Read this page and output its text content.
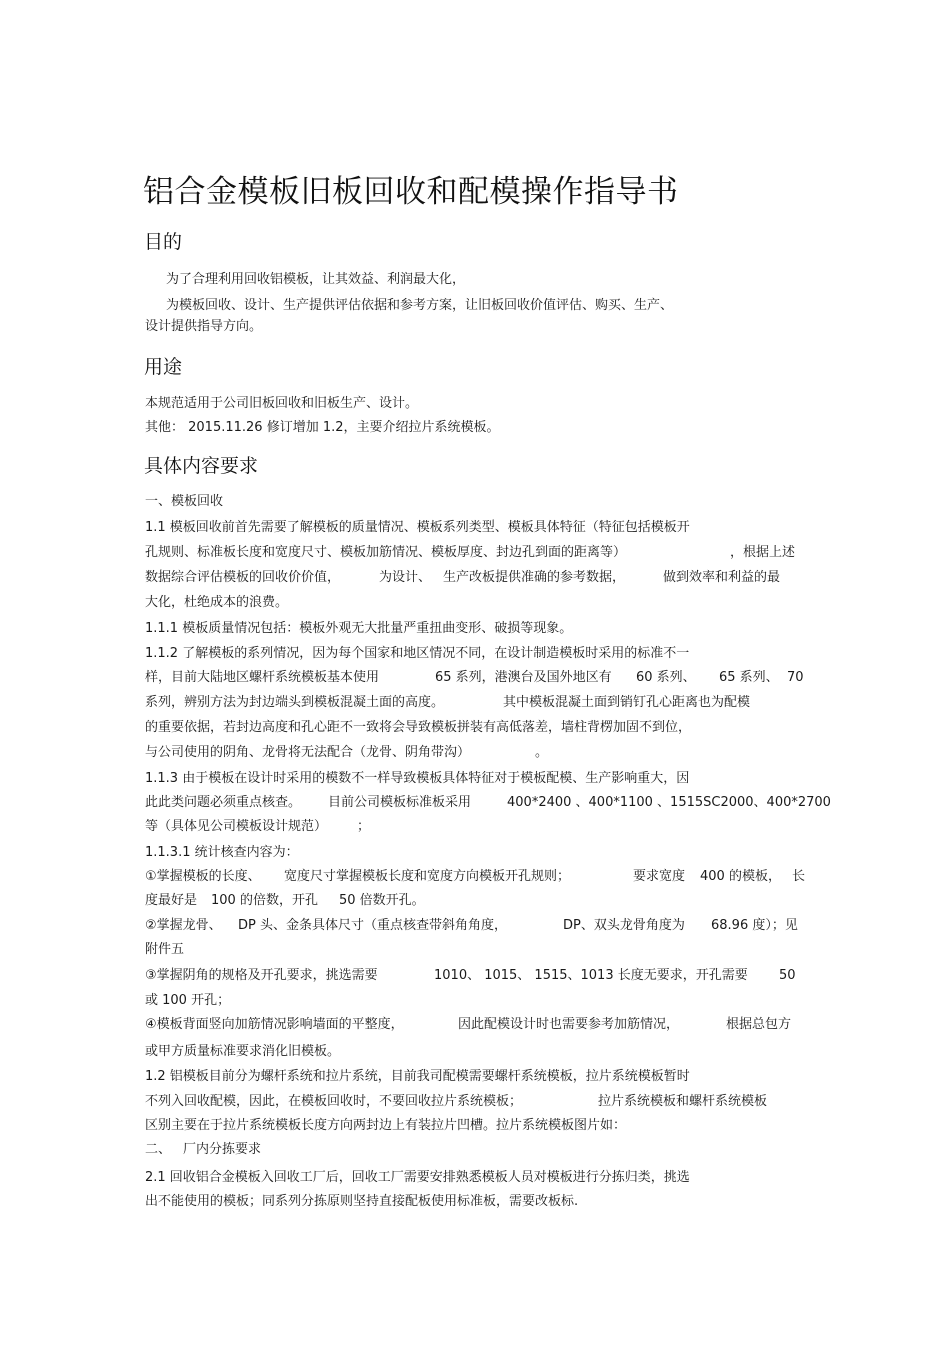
铝合金模板旧板回收和配模操作指导书
目的
为了合理利用回收铝模板，让其效益、利润最大化，
为模板回收、设计、生产提供评估依据和参考方案，让旧板回收价值评估、购买、生产、
设计提供指导方向。
用途
本规范适用于公司旧板回收和旧板生产、设计。
其他： 2015.11.26 修订增加 1.2，主要介绍拉片系统模板。
具体内容要求
一、模板回收
1.1 模板回收前首先需要了解模板的质量情况、模板系列类型、模板具体特征（特征包括模板开
孔规则、标准板长度和宽度尺寸、模板加筋情况、模板厚度、封边孔到面的距离等）	，根据上述
数据综合评估模板的回收价价值，	为设计、 生产改板提供准确的参考数据，	做到效率和利益的最
大化，杜绝成本的浪费。
1.1.1 模板质量情况包括：模板外观无大批量严重扭曲变形、破损等现象。
1.1.2 了解模板的系列情况，因为每个国家和地区情况不同，在设计制造模板时采用的标准不一
样，目前大陆地区螺杆系统模板基本使用	65 系列，港澳台及国外地区有 60 系列、 65 系列、 70
系列，辨别方法为封边端头到模板混凝土面的高度。	其中模板混凝土面到销钉孔心距离也为配模
的重要依据，若封边高度和孔心距不一致将会导致模板拼装有高低落差，墙柱背楞加固不到位，
与公司使用的阴角、龙骨将无法配合（龙骨、阴角带沟）	。
1.1.3 由于模板在设计时采用的模数不一样导致模板具体特征对于模板配模、生产影响重大，因
此此类问题必须重点核查。 目前公司模板标准板采用	400*2400 、400*1100 、1515SC2000、400*2700
等（具体见公司模板设计规范） ；
1.1.3.1 统计核查内容为：
①掌握模板的长度、 宽度尺寸掌握模板长度和宽度方向模板开孔规则；	要求宽度 400 的模板， 长
度最好是 100 的倍数，开孔 50 倍数开孔。
②掌握龙骨、 DP 头、金条具体尺寸（重点核查带斜角角度，	DP、双头龙骨角度为 68.96 度）；见
附件五
③掌握阴角的规格及开孔要求，挑选需要	1010、 1015、 1515、1013 长度无要求，开孔需要 50
或 100 开孔；
④模板背面竖向加筋情况影响墙面的平整度，	因此配模设计时也需要参考加筋情况，	根据总包方
或甲方质量标准要求消化旧模板。
1.2 铝模板目前分为螺杆系统和拉片系统，目前我司配模需要螺杆系统模板，拉片系统模板暂时
不列入回收配模，因此，在模板回收时，不要回收拉片系统模板；	拉片系统模板和螺杆系统模板
区别主要在于拉片系统模板长度方向两封边上有装拉片凹槽。拉片系统模板图片如：
二、 厂内分拣要求
2.1 回收铝合金模板入回收工厂后，回收工厂需要安排熟悉模板人员对模板进行分拣归类，挑选
出不能使用的模板；同系列分拣原则坚持直接配板使用标准板，需要改板标.
